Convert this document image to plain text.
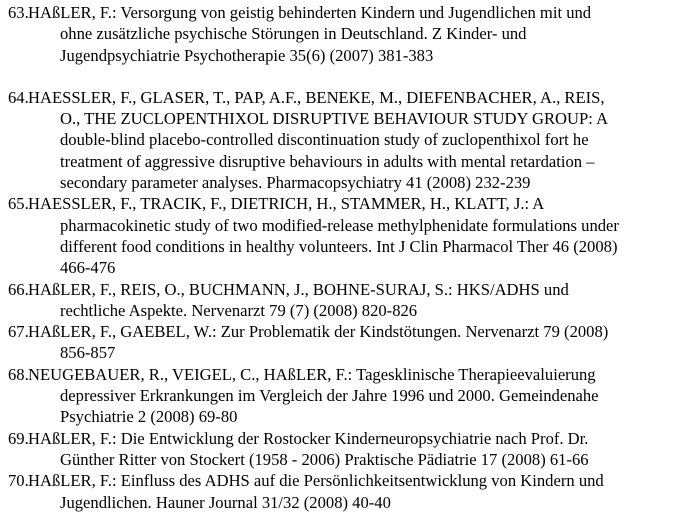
63. HAßLER, F.: Versorgung von geistig behinderten Kindern und Jugendlichen mit und
ohne zusätzliche psychische Störungen in Deutschland. Z Kinder- und
Jugendpsychiatrie Psychotherapie 35(6) (2007) 381-383
64. HAESSLER, F., GLASER, T., PAP, A.F., BENEKE, M., DIEFENBACHER, A., REIS,
O., THE ZUCLOPENTHIXOL DISRUPTIVE BEHAVIOUR STUDY GROUP: A
double-blind placebo-controlled discontinuation study of zuclopenthixol fort he
treatment of aggressive disruptive behaviours in adults with mental retardation –
secondary parameter analyses. Pharmacopsychiatry 41 (2008) 232-239
65. HAESSLER, F., TRACIK, F., DIETRICH, H., STAMMER, H., KLATT, J.: A
pharmacokinetic study of two modified-release methylphenidate formulations under
different food conditions in healthy volunteers. Int J Clin Pharmacol Ther 46 (2008)
466-476
66. HAßLER, F., REIS, O., BUCHMANN, J., BOHNE-SURAJ, S.: HKS/ADHS und
rechtliche Aspekte. Nervenarzt 79 (7) (2008) 820-826
67. HAßLER, F., GAEBEL, W.: Zur Problematik der Kindstötungen. Nervenarzt 79 (2008)
856-857
68. NEUGEBAUER, R., VEIGEL, C., HAßLER, F.: Tagesklinische Therapieevaluierung
depressiver Erkrankungen im Vergleich der Jahre 1996 und 2000. Gemeindenahe
Psychiatrie 2 (2008) 69-80
69. HAßLER, F.: Die Entwicklung der Rostocker Kinderneuropsychiatrie nach Prof. Dr.
Günther Ritter von Stockert (1958 - 2006) Praktische Pädiatrie 17 (2008) 61-66
70. HAßLER, F.: Einfluss des ADHS auf die Persönlichkeitsentwicklung von Kindern und
Jugendlichen. Hauner Journal 31/32 (2008) 40-40
